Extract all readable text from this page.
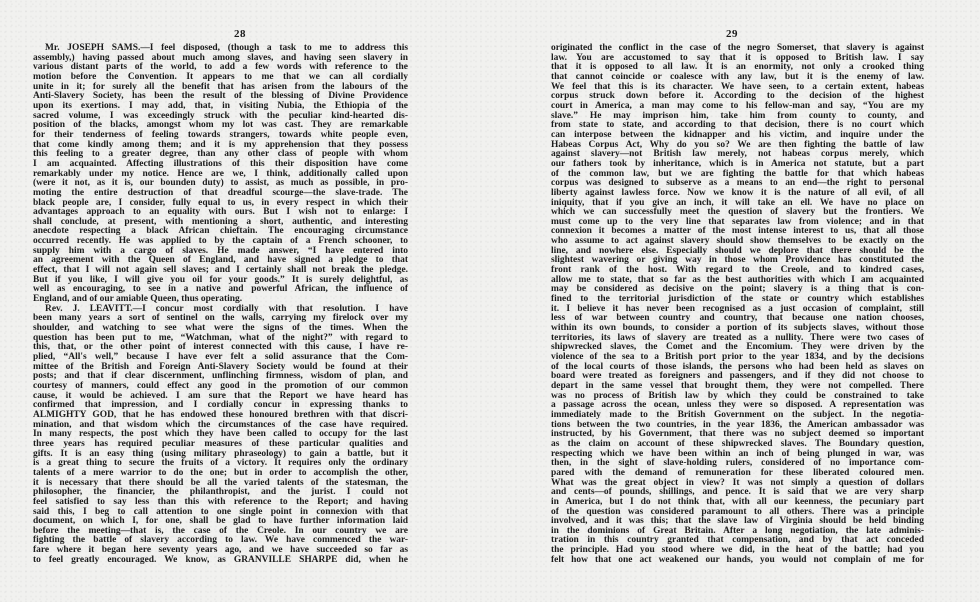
28
Mr. JOSEPH SAMS.—I feel disposed, (though a task to me to address this
assembly,) having passed about much among slaves, and having seen slavery in
various distant parts of the world, to add a few words with reference to the
motion before the Convention. It appears to me that we can all cordially
unite in it; for surely all the benefit that has arisen from the labours of the
Anti-Slavery Society, has been the result of the blessing of Divine Providence
upon its exertions. I may add, that, in visiting Nubia, the Ethiopia of the
sacred volume, I was exceedingly struck with the peculiar kind-hearted dis-
position of the blacks, amongst whom my lot was cast. They are remarkable
for their tenderness of feeling towards strangers, towards white people even,
that come kindly among them; and it is my apprehension that they possess
this feeling to a greater degree, than any other class of people with whom
I am acquainted. Affecting illustrations of this their disposition have come
remarkably under my notice. Hence are we, I think, additionally called upon
(were it not, as it is, our bounden duty) to assist, as much as possible, in pro-
moting the entire destruction of that dreadful scourge—the slave-trade. The
black people are, I consider, fully equal to us, in every respect in which their
advantages approach to an equality with ours. But I wish not to enlarge: I
shall conclude, at present, with mentioning a short, authentic, and interesting
anecdote respecting a black African chieftain. The encouraging circumstance
occurred recently. He was applied to by the captain of a French schooner, to
supply him with a cargo of slaves. He made answer, “I have entered into
an agreement with the Queen of England, and have signed a pledge to that
effect, that I will not again sell slaves; and I certainly shall not break the pledge.
But if you like, I will give you oil for your goods.” It is surely delightful, as
well as encouraging, to see in a native and powerful African, the influence of
England, and of our amiable Queen, thus operating.
Rev. J. LEAVITT.—I concur most cordially with that resolution. I have
been many years a sort of sentinel on the walls, carrying my firelock over my
shoulder, and watching to see what were the signs of the times. When the
question has been put to me, “Watchman, what of the night?” with regard to
this, that, or the other point of interest connected with this cause, I have re-
plied, “All's well,” because I have ever felt a solid assurance that the Com-
mittee of the British and Foreign Anti-Slavery Society would be found at their
posts; and that if clear discernment, unflinching firmness, wisdom of plan, and
courtesy of manners, could effect any good in the promotion of our common
cause, it would be achieved. I am sure that the Report we have heard has
confirmed that impression, and I cordially concur in expressing thanks to
ALMIGHTY GOD, that he has endowed these honoured brethren with that discri-
mination, and that wisdom which the circumstances of the case have required.
In many respects, the post which they have been called to occupy for the last
three years has required peculiar measures of these particular qualities and
gifts. It is an easy thing (using military phraseology) to gain a battle, but it
is a great thing to secure the fruits of a victory. It requires only the ordinary
talents of a mere warrior to do the one; but in order to accomplish the other,
it is necessary that there should be all the varied talents of the statesman, the
philosopher, the financier, the philanthropist, and the jurist. I could not
feel satisfied to say less than this with reference to the Report; and having
said this, I beg to call attention to one single point in connexion with that
document, on which I, for one, shall be glad to have further information laid
before the meeting—that is, the case of the Creole. In our country we are
fighting the battle of slavery according to law. We have commenced the war-
fare where it began here seventy years ago, and we have succeeded so far as
to feel greatly encouraged. We know, as GRANVILLE SHARPE did, when he
29
originated the conflict in the case of the negro Somerset, that slavery is against
law. You are accustomed to say that it is opposed to British law. I say
that it is opposed to all law. It is an enormity, not only a crooked thing
that cannot coincide or coalesce with any law, but it is the enemy of law.
We feel that this is its character. We have seen, to a certain extent, habeas
corpus struck down before it. According to the decision of the highest
court in America, a man may come to his fellow-man and say, “You are my
slave.” He may imprison him, take him from county to county, and
from state to state, and according to that decision, there is no court which
can interpose between the kidnapper and his victim, and inquire under the
Habeas Corpus Act, Why do you so? We are then fighting the battle of law
against slavery—not British law merely, not habeas corpus merely, which
our fathers took by inheritance, which is in America not statute, but a part
of the common law, but we are fighting the battle for that which habeas
corpus was designed to subserve as a means to an end—the right to personal
liberty against lawless force. Now we know it is the nature of all evil, of all
iniquity, that if you give an inch, it will take an ell. We have no place on
which we can successfully meet the question of slavery but the frontiers. We
must come up to the very line that separates law from violence; and in that
connexion it becomes a matter of the most intense interest to us, that all those
who assume to act against slavery should show themselves to be exactly on the
line, and nowhere else. Especially should we deplore that there should be the
slightest wavering or giving way in those whom Providence has constituted the
front rank of the host. With regard to the Creole, and to kindred cases,
allow me to state, that so far as the best authorities with which I am acquainted
may be considered as decisive on the point; slavery is a thing that is con-
fined to the territorial jurisdiction of the state or country which establishes
it. I believe it has never been recognised as a just occasion of complaint, still
less of war between country and country, that because one nation chooses,
within its own bounds, to consider a portion of its subjects slaves, without those
territories, its laws of slavery are treated as a nullity. There were two cases of
shipwrecked slaves, the Comet and the Encomium. They were driven by the
violence of the sea to a British port prior to the year 1834, and by the decisions
of the local courts of those islands, the persons who had been held as slaves on
board were treated as foreigners and passengers, and if they did not choose to
depart in the same vessel that brought them, they were not compelled. There
was no process of British law by which they could be constrained to take
a passage across the ocean, unless they were so disposed. A representation was
immediately made to the British Government on the subject. In the negotia-
tions between the two countries, in the year 1836, the American ambassador was
instructed, by his Government, that there was no subject deemed so important
as the claim on account of these shipwrecked slaves. The Boundary question,
respecting which we have been within an inch of being plunged in war, was
then, in the sight of slave-holding rulers, considered of no importance com-
pared with the demand of remuneration for these liberated coloured men.
What was the great object in view? It was not simply a question of dollars
and cents—of pounds, shillings, and pence. It is said that we are very sharp
in America, but I do not think that, with all our keenness, the pecuniary part
of the question was considered paramount to all others. There was a principle
involved, and it was this; that the slave law of Virginia should be held binding
in the dominions of Great Britain. After a long negotiation, the late adminis-
tration in this country granted that compensation, and by that act conceded
the principle. Had you stood where we did, in the heat of the battle; had you
felt how that one act weakened our hands, you would not complain of me for
